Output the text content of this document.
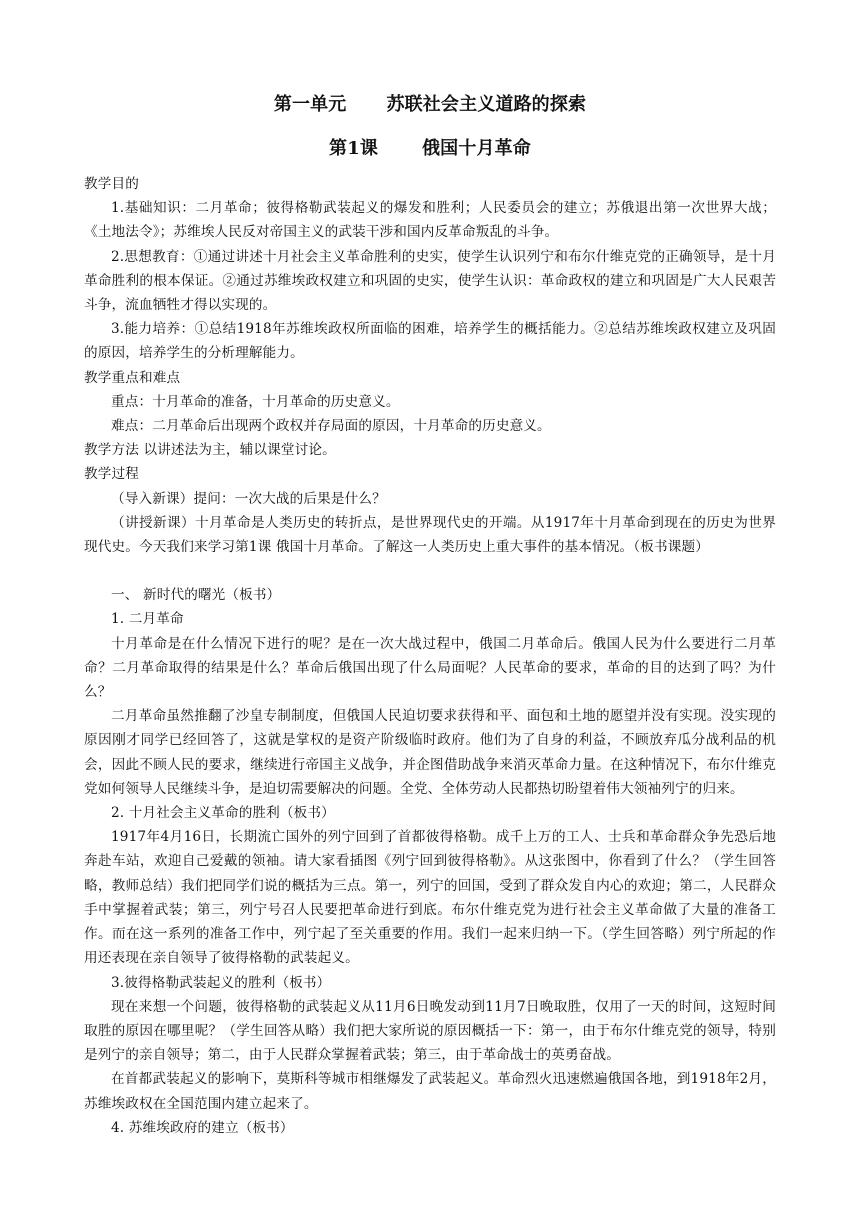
第一单元 苏联社会主义道路的探索
第1课 俄国十月革命

教学目的

1.基础知识：二月革命；彼得格勒武装起义的爆发和胜利；人民委员会的建立；苏俄退出第一次世界大战；《土地法令》；苏维埃人民反对帝国主义的武装干涉和国内反革命叛乱的斗争。

2.思想教育：①通过讲述十月社会主义革命胜利的史实，使学生认识列宁和布尔什维克党的正确领导，是十月革命胜利的根本保证。②通过苏维埃政权建立和巩固的史实，使学生认识：革命政权的建立和巩固是广大人民艰苦斗争，流血牺牲才得以实现的。

3.能力培养：①总结1918年苏维埃政权所面临的困难，培养学生的概括能力。②总结苏维埃政权建立及巩固的原因，培养学生的分析理解能力。

教学重点和难点

重点：十月革命的准备，十月革命的历史意义。

难点：二月革命后出现两个政权并存局面的原因，十月革命的历史意义。

教学方法 以讲述法为主，辅以课堂讨论。

教学过程

（导入新课）提问：一次大战的后果是什么？

（讲授新课）十月革命是人类历史的转折点，是世界现代史的开端。从1917年十月革命到现在的历史为世界现代史。今天我们来学习第1课 俄国十月革命。了解这一人类历史上重大事件的基本情况。（板书课题）

一、 新时代的曙光（板书）

1. 二月革命

十月革命是在什么情况下进行的呢？是在一次大战过程中，俄国二月革命后。俄国人民为什么要进行二月革命？二月革命取得的结果是什么？革命后俄国出现了什么局面呢？人民革命的要求，革命的目的达到了吗？为什么？

二月革命虽然推翻了沙皇专制制度，但俄国人民迫切要求获得和平、面包和土地的愿望并没有实现。没实现的原因刚才同学已经回答了，这就是掌权的是资产阶级临时政府。他们为了自身的利益，不顾放弃瓜分战利品的机会，因此不顾人民的要求，继续进行帝国主义战争，并企图借助战争来消灭革命力量。在这种情况下，布尔什维克党如何领导人民继续斗争，是迫切需要解决的问题。全党、全体劳动人民都热切盼望着伟大领袖列宁的归来。

2. 十月社会主义革命的胜利（板书）

1917年4月16日，长期流亡国外的列宁回到了首都彼得格勒。成千上万的工人、士兵和革命群众争先恐后地奔赴车站，欢迎自己爱戴的领袖。请大家看插图《列宁回到彼得格勒》。从这张图中，你看到了什么？（学生回答略，教师总结）我们把同学们说的概括为三点。第一，列宁的回国，受到了群众发自内心的欢迎；第二，人民群众手中掌握着武装；第三，列宁号召人民要把革命进行到底。布尔什维克党为进行社会主义革命做了大量的准备工作。而在这一系列的准备工作中，列宁起了至关重要的作用。我们一起来归纳一下。（学生回答略）列宁所起的作用还表现在亲自领导了彼得格勒的武装起义。

3.彼得格勒武装起义的胜利（板书）

现在来想一个问题，彼得格勒的武装起义从11月6日晚发动到11月7日晚取胜，仅用了一天的时间，这短时间取胜的原因在哪里呢？（学生回答从略）我们把大家所说的原因概括一下：第一，由于布尔什维克党的领导，特别是列宁的亲自领导；第二，由于人民群众掌握着武装；第三，由于革命战士的英勇奋战。

在首都武装起义的影响下，莫斯科等城市相继爆发了武装起义。革命烈火迅速燃遍俄国各地，到1918年2月，苏维埃政权在全国范围内建立起来了。

4. 苏维埃政府的建立（板书）
